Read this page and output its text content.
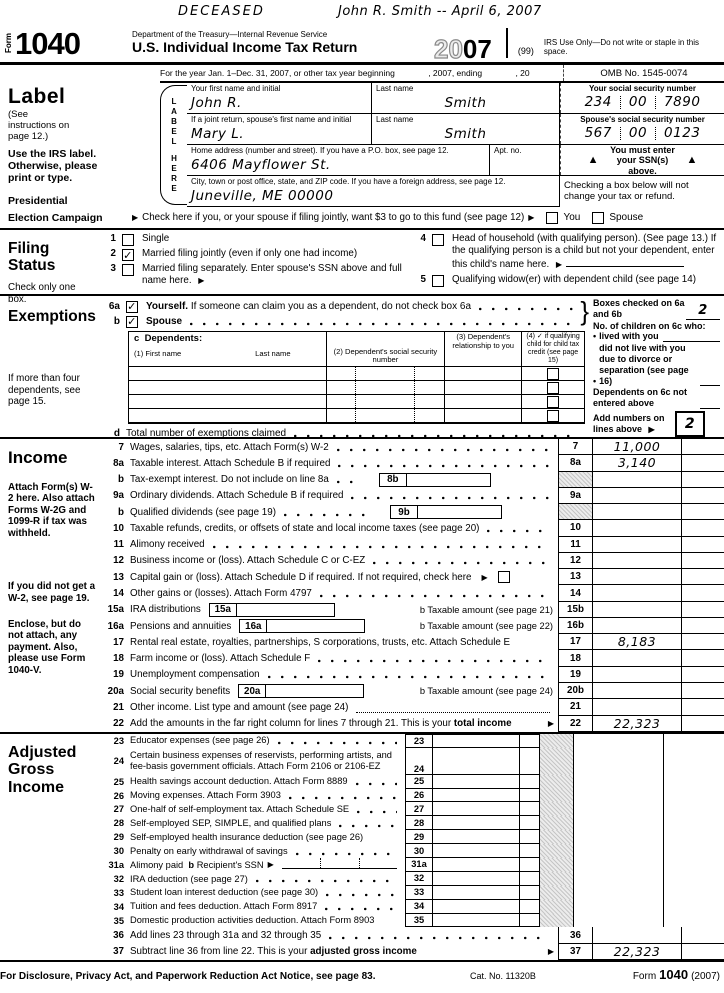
DECEASED	John R. Smith -- April 6, 2007
Form 1040	Department of the Treasury—Internal Revenue Service
U.S. Individual Income Tax Return	2007	(99)
IRS Use Only—Do not write or staple in this space.
For the year Jan. 1–Dec. 31, 2007, or other tax year beginning	, 2007, ending	, 20	OMB No. 1545-0074
Label
(See instructions on page 12.)
Use the IRS label. Otherwise, please print or type.
Presidential
LABEL
HERE
Your first name and initial
John R.
Last name
Smith
Your social security number
234 00 7890
If a joint return, spouse's first name and initial
Mary L.
Last name
Smith
Spouse's social security number
567 00 0123
Home address (number and street). If you have a P.O. box, see page 12.
6406 Mayflower St.
Apt. no.
▲
You must enter your SSN(s) above.
▲
City, town or post office, state, and ZIP code. If you have a foreign address, see page 12.
Juneville, ME 00000
Checking a box below will not change your tax or refund.
Election Campaign	▶ Check here if you, or your spouse if filing jointly, want $3 to go to this fund (see page 12) ▶	You	Spouse
Filing Status
Check only one box.
1	Single
2 ✓ Married filing jointly (even if only one had income)
3	Married filing separately. Enter spouse's SSN above and full name here. ▶
4	Head of household (with qualifying person). (See page 13.) If the qualifying person is a child but not your dependent, enter this child's name here. ▶
5	Qualifying widow(er) with dependent child (see page 14)
Exemptions
If more than four dependents, see page 15.
}
6a ✓ Yourself.
If someone can claim you as a dependent, do not check box 6a
b ✓ Spouse
c Dependents:
(1) First name	Last name	(2) Dependent's social security number
(3) Dependent's relationship to you
(4) ✓ if qualifying child for child tax credit (see page 15)
d Total number of exemptions claimed
Boxes checked on 6a and 6b	2
No. of children on 6c who:
• lived with you
•
did not live with you due to divorce or separation (see page 16)
Dependents on 6c not entered above
Add numbers on lines above ▶	2
Income
Attach Form(s) W-2 here. Also attach Forms W-2G and 1099-R if tax was withheld.
If you did not get a W-2, see page 19.
Enclose, but do not attach, any payment. Also, please use Form 1040-V.
7 Wages, salaries, tips, etc. Attach Form(s) W-2	7	11,000
8a Taxable interest. Attach Schedule B if required	8a	3,140
b Tax-exempt interest. Do not include on line 8a	8b
9a Ordinary dividends. Attach Schedule B if required	9a
b Qualified dividends (see page 19)	9b
10 Taxable refunds, credits, or offsets of state and local income taxes (see page 20)	10
11 Alimony received	11
12 Business income or (loss). Attach Schedule C or C-EZ	12
13 Capital gain or (loss). Attach Schedule D if required. If not required, check here ▶	13
14 Other gains or (losses). Attach Form 4797	14
15a IRA distributions	15a	b Taxable amount (see page 21)	15b
16a Pensions and annuities	16a	b Taxable amount (see page 22)	16b
17 Rental real estate, royalties, partnerships, S corporations, trusts, etc. Attach Schedule E	17	8,183
18 Farm income or (loss). Attach Schedule F	18
19 Unemployment compensation	19
20a Social security benefits	20a	b Taxable amount (see page 24)	20b
21 Other income. List type and amount (see page 24)	21
22 Add the amounts in the far right column for lines 7 through 21. This is your
total income	▶	22	22,323
Adjusted
Gross
Income
23 Educator expenses (see page 26)	23
24
Certain business expenses of reservists, performing artists, and fee-basis government officials. Attach Form 2106 or 2106-EZ	24
25 Health savings account deduction. Attach Form 8889	25
26 Moving expenses. Attach Form 3903	26
27 One-half of self-employment tax. Attach Schedule SE	27
28 Self-employed SEP, SIMPLE, and qualified plans	28
29 Self-employed health insurance deduction (see page 26)	29
30 Penalty on early withdrawal of savings	30
31a Alimony paid
b
Recipient's SSN ▶	31a
32 IRA deduction (see page 27)	32
33 Student loan interest deduction (see page 30)	33
34 Tuition and fees deduction. Attach Form 8917	34
35 Domestic production activities deduction. Attach Form 8903	35
36 Add lines 23 through 31a and 32 through 35	36
37 Subtract line 36 from line 22. This is your
adjusted gross income	▶	37	22,323
For Disclosure, Privacy Act, and Paperwork Reduction Act Notice, see page 83.	Cat. No. 11320B	Form 1040 (2007)
